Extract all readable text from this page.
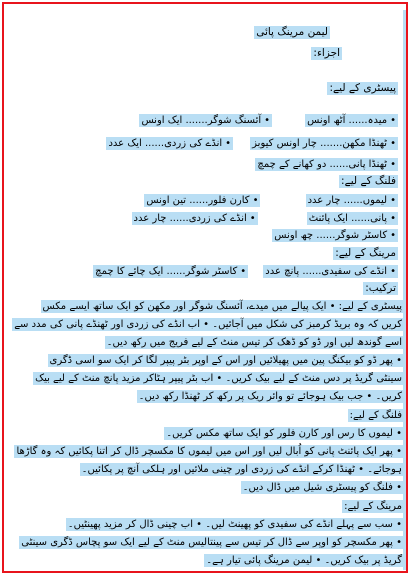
لیمن مرینگ پائی
اجزاء:
پیسٹری کے لیے:
• میدہ...... آٹھ اونس • آئسنگ شوگر....... ایک اونس
• ٹھنڈا مکھن....... چار اونس کیوبز • انڈے کی زردی...... ایک عدد
• ٹھنڈا پانی...... دو کھانے کے چمچ
فلنگ کے لیے:
• لیموں...... چار عدد • کارن فلور...... تین اونس
• پانی...... ایک پائنٹ • انڈے کی زردی...... چار عدد
• کاسٹر شوگر...... چھ اونس
مرینگ کے لیے:
• انڈے کی سفیدی...... پانچ عدد • کاسٹر شوگر...... ایک چائے کا چمچ
ترکیب:
پیسٹری کے لیے: • ایک پیالے میں میدے، آئسنگ شوگر اور مکھن کو ایک ساتھ ایسے مکس
کریں کہ وہ بریڈ کرمبز کی شکل میں آجائیں۔ • اب انڈے کی زردی اور ٹھنڈے پانی کی مدد سے
اسے گوندھ لیں اور ڈو کو ڈھک کر تیس منٹ کے لیے فریج میں رکھ دیں۔
• پھر ڈو کو بیکنگ پین میں پھیلائیں اور اس کے اوپر بٹر پیپر لگا کر ایک سو اسی ڈگری
سینٹی گریڈ پر دس منٹ کے لیے بیک کریں۔ • اب بٹر پیپر ہٹاکر مزید پانچ منٹ کے لیے بیک
کریں۔ • جب بیک ہوجائے تو وائر ریک پر رکھ کر ٹھنڈا رکھ دیں۔
فلنگ کے لیے:
• لیموں کا رس اور کارن فلور کو ایک ساتھ مکس کریں۔
• پھر ایک پائنٹ پانی کو اُبال لیں اور اس میں لیموں کا مکسچر ڈال کر اتنا پکائیں کہ وہ گاڑھا
ہوجائے۔ • ٹھنڈا کرکے انڈے کی زردی اور چینی ملائیں اور ہلکی آنچ پر پکائیں۔
• فلنگ کو پیسٹری شیل میں ڈال دیں۔
مرینگ کے لیے:
• سب سے پہلے انڈے کی سفیدی کو پھینٹ لیں۔ • اب چینی ڈال کر مزید پھینٹیں۔
• پھر مکسچر کو اوپر سے ڈال کر تیس سے پینتالیس منٹ کے لیے ایک سو پچاس ڈگری سینٹی
گریڈ پر بیک کریں۔ • لیمن مرینگ پائی تیار ہے۔
